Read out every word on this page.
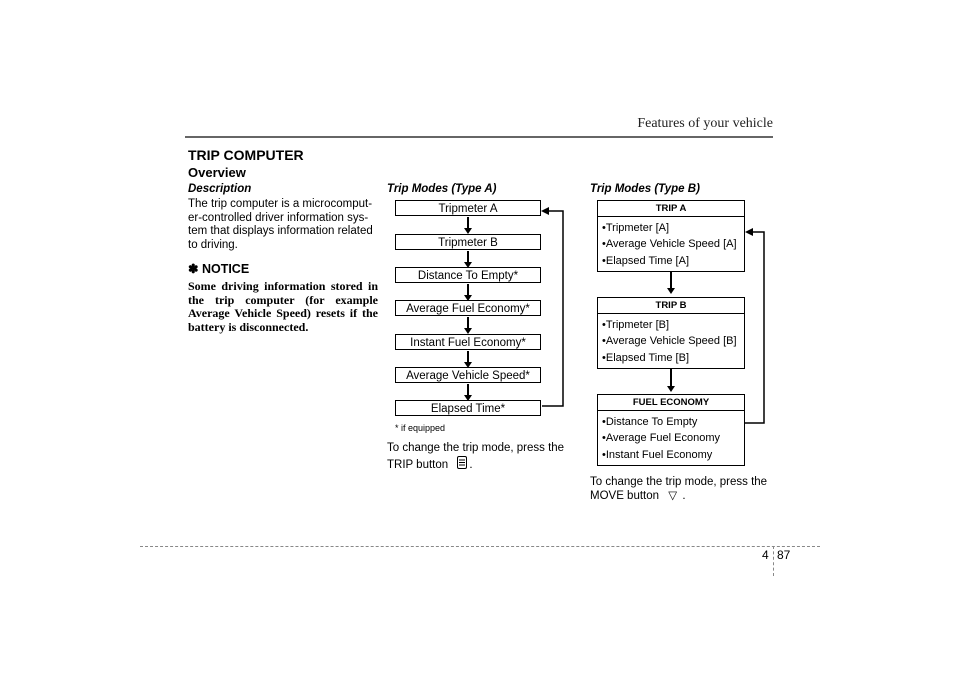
Features of your vehicle
TRIP COMPUTER
Overview
Description
The trip computer is a microcomput-
er-controlled driver information sys-
tem that displays information related
to driving.
✽ NOTICE
Some driving information stored in the trip computer (for example Average Vehicle Speed) resets if the battery is disconnected.
Trip Modes (Type A)
Tripmeter A
Tripmeter B
Distance To Empty*
Average Fuel Economy*
Instant Fuel Economy*
Average Vehicle Speed*
Elapsed Time*
* if equipped
To change the trip mode, press the
TRIP button .
Trip Modes (Type B)
TRIP A
• Tripmeter [A]
• Average Vehicle Speed [A]
• Elapsed Time [A]
TRIP B
• Tripmeter [B]
• Average Vehicle Speed [B]
• Elapsed Time [B]
FUEL ECONOMY
• Distance To Empty
• Average Fuel Economy
• Instant Fuel Economy
To change the trip mode, press the
MOVE button ▽ .
4 87
